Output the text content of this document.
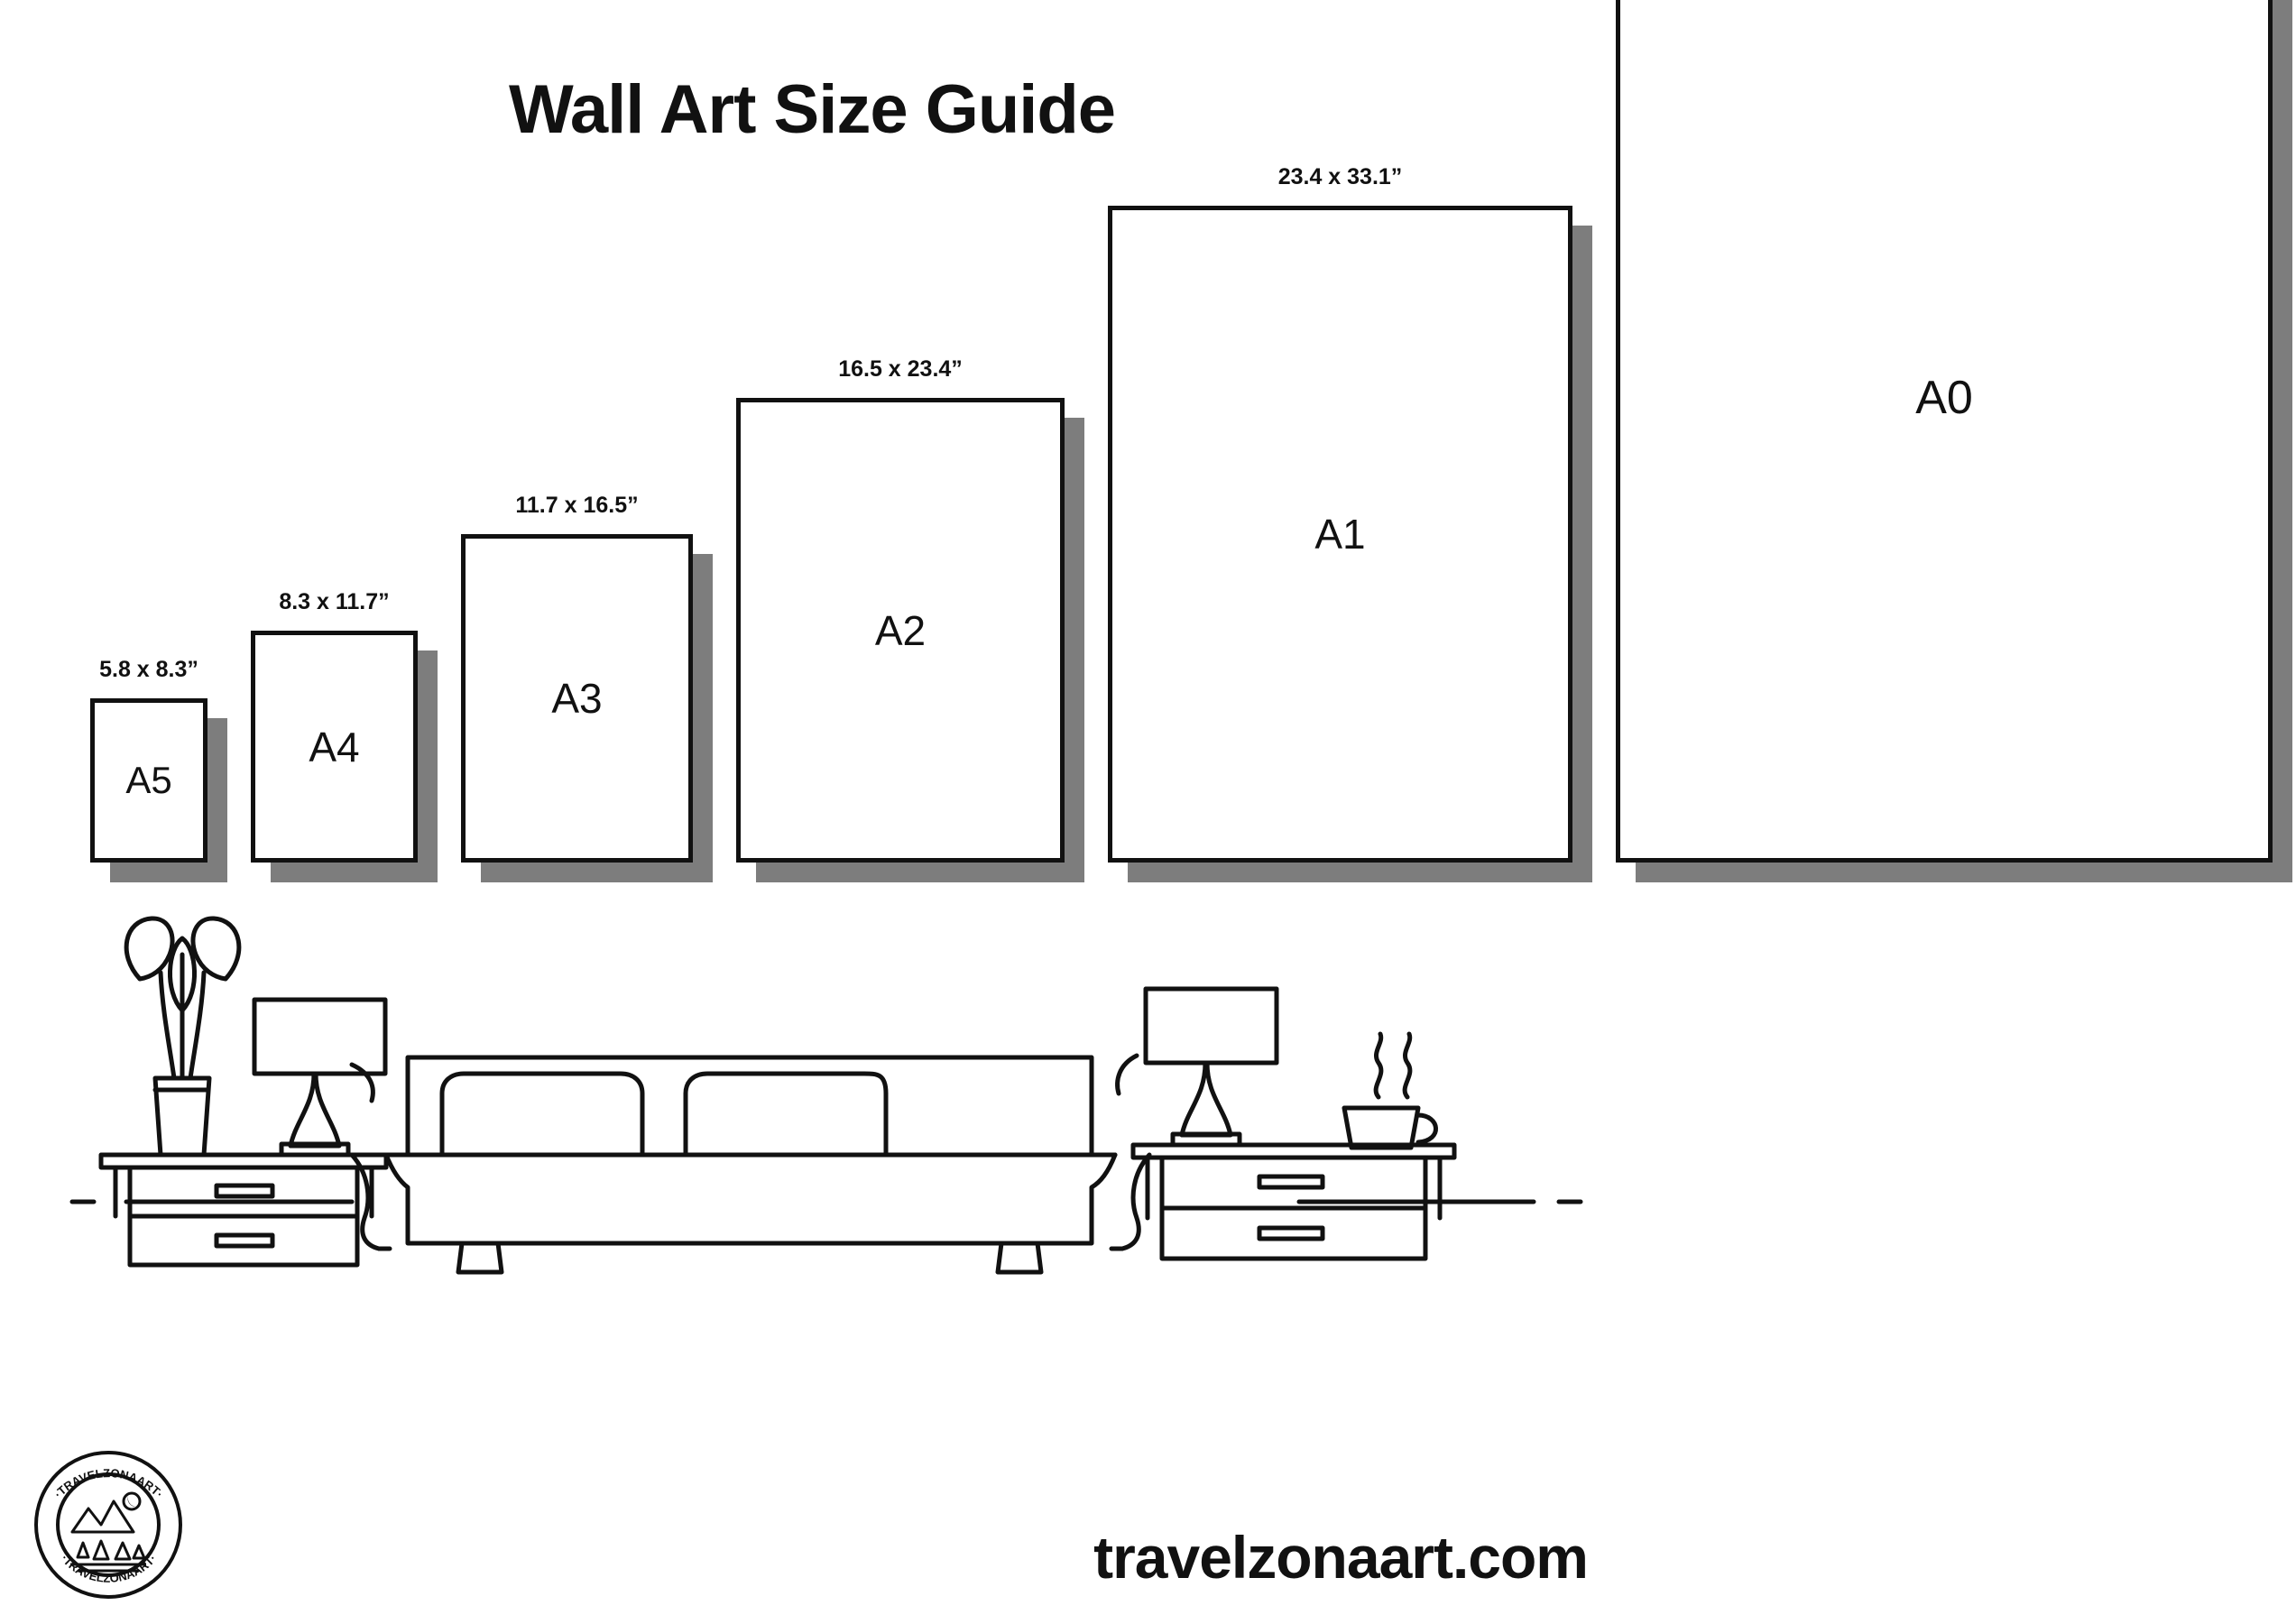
Wall Art Size Guide
5.8 x 8.3”
A5
8.3 x 11.7”
A4
11.7 x 16.5”
A3
16.5 x 23.4”
A2
23.4 x 33.1”
A1
A0
·TRAVELZONAART·
·TRAVELZONAART·	travelzonaart.com
